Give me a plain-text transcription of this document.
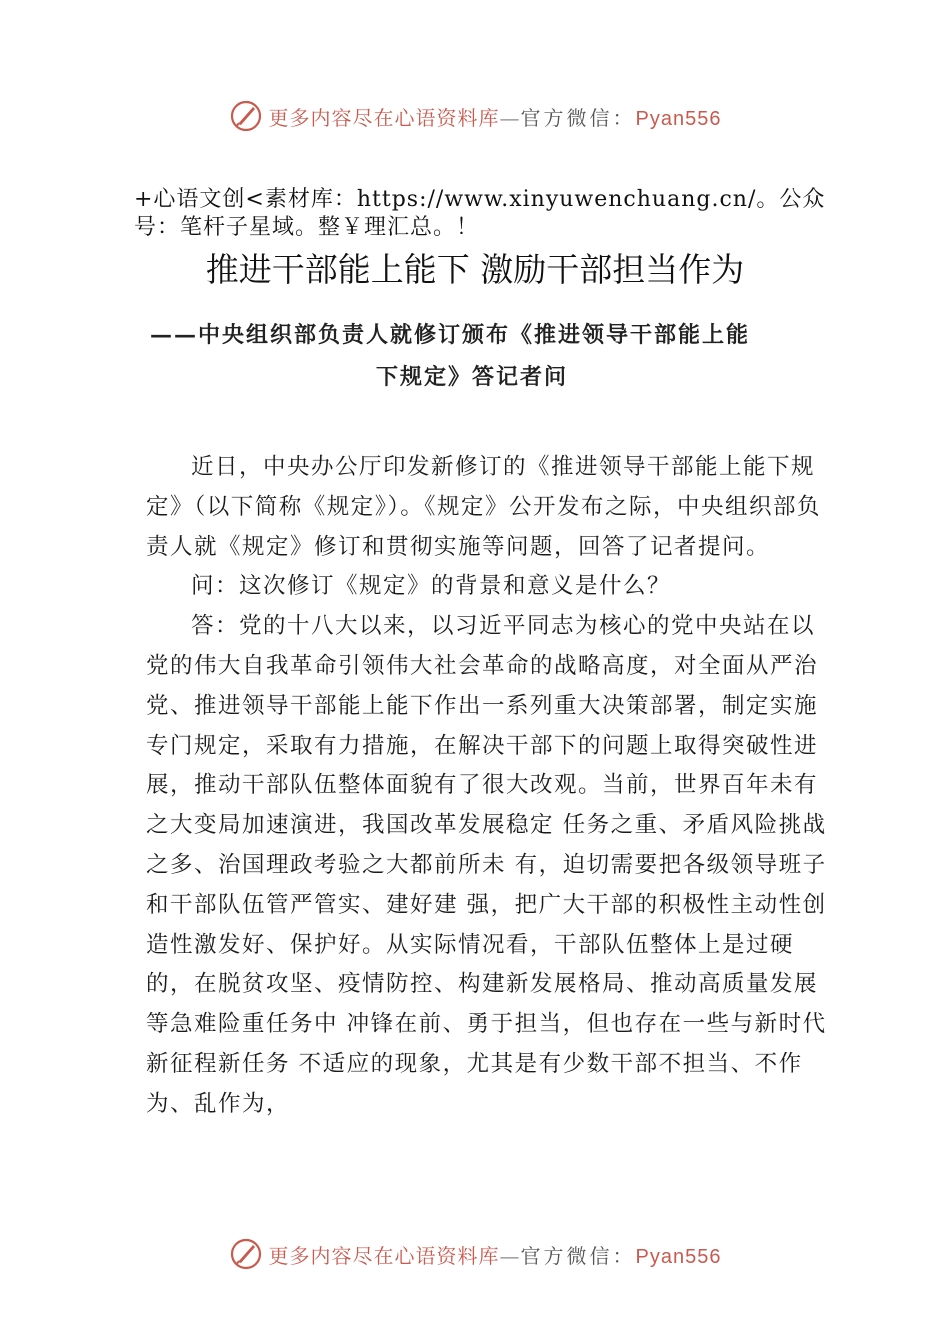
更多内容尽在心语资料库—官方微信：Pyan556
+心语文创<素材库：https://www.xinyuwenchuang.cn/。公众号：笔杆子星域。整￥理汇总。！
推进干部能上能下 激励干部担当作为
——中央组织部负责人就修订颁布《推进领导干部能上能
下规定》答记者问

近日，中央办公厅印发新修订的《推进领导干部能上能下规定》（以下简称《规定》）。《规定》公开发布之际，中央组织部负责人就《规定》修订和贯彻实施等问题，回答了记者提问。

问：这次修订《规定》的背景和意义是什么？

答：党的十八大以来，以习近平同志为核心的党中央站在以党的伟大自我革命引领伟大社会革命的战略高度，对全面从严治党、推进领导干部能上能下作出一系列重大决策部署，制定实施专门规定，采取有力措施，在解决干部下的问题上取得突破性进展，推动干部队伍整体面貌有了很大改观。当前，世界百年未有之大变局加速演进，我国改革发展稳定 任务之重、矛盾风险挑战之多、治国理政考验之大都前所未 有，迫切需要把各级领导班子和干部队伍管严管实、建好建 强，把广大干部的积极性主动性创造性激发好、保护好。从实际情况看，干部队伍整体上是过硬的，在脱贫攻坚、疫情防控、构建新发展格局、推动高质量发展等急难险重任务中 冲锋在前、勇于担当，但也存在一些与新时代新征程新任务 不适应的现象，尤其是有少数干部不担当、不作为、乱作为，

更多内容尽在心语资料库—官方微信：Pyan556
